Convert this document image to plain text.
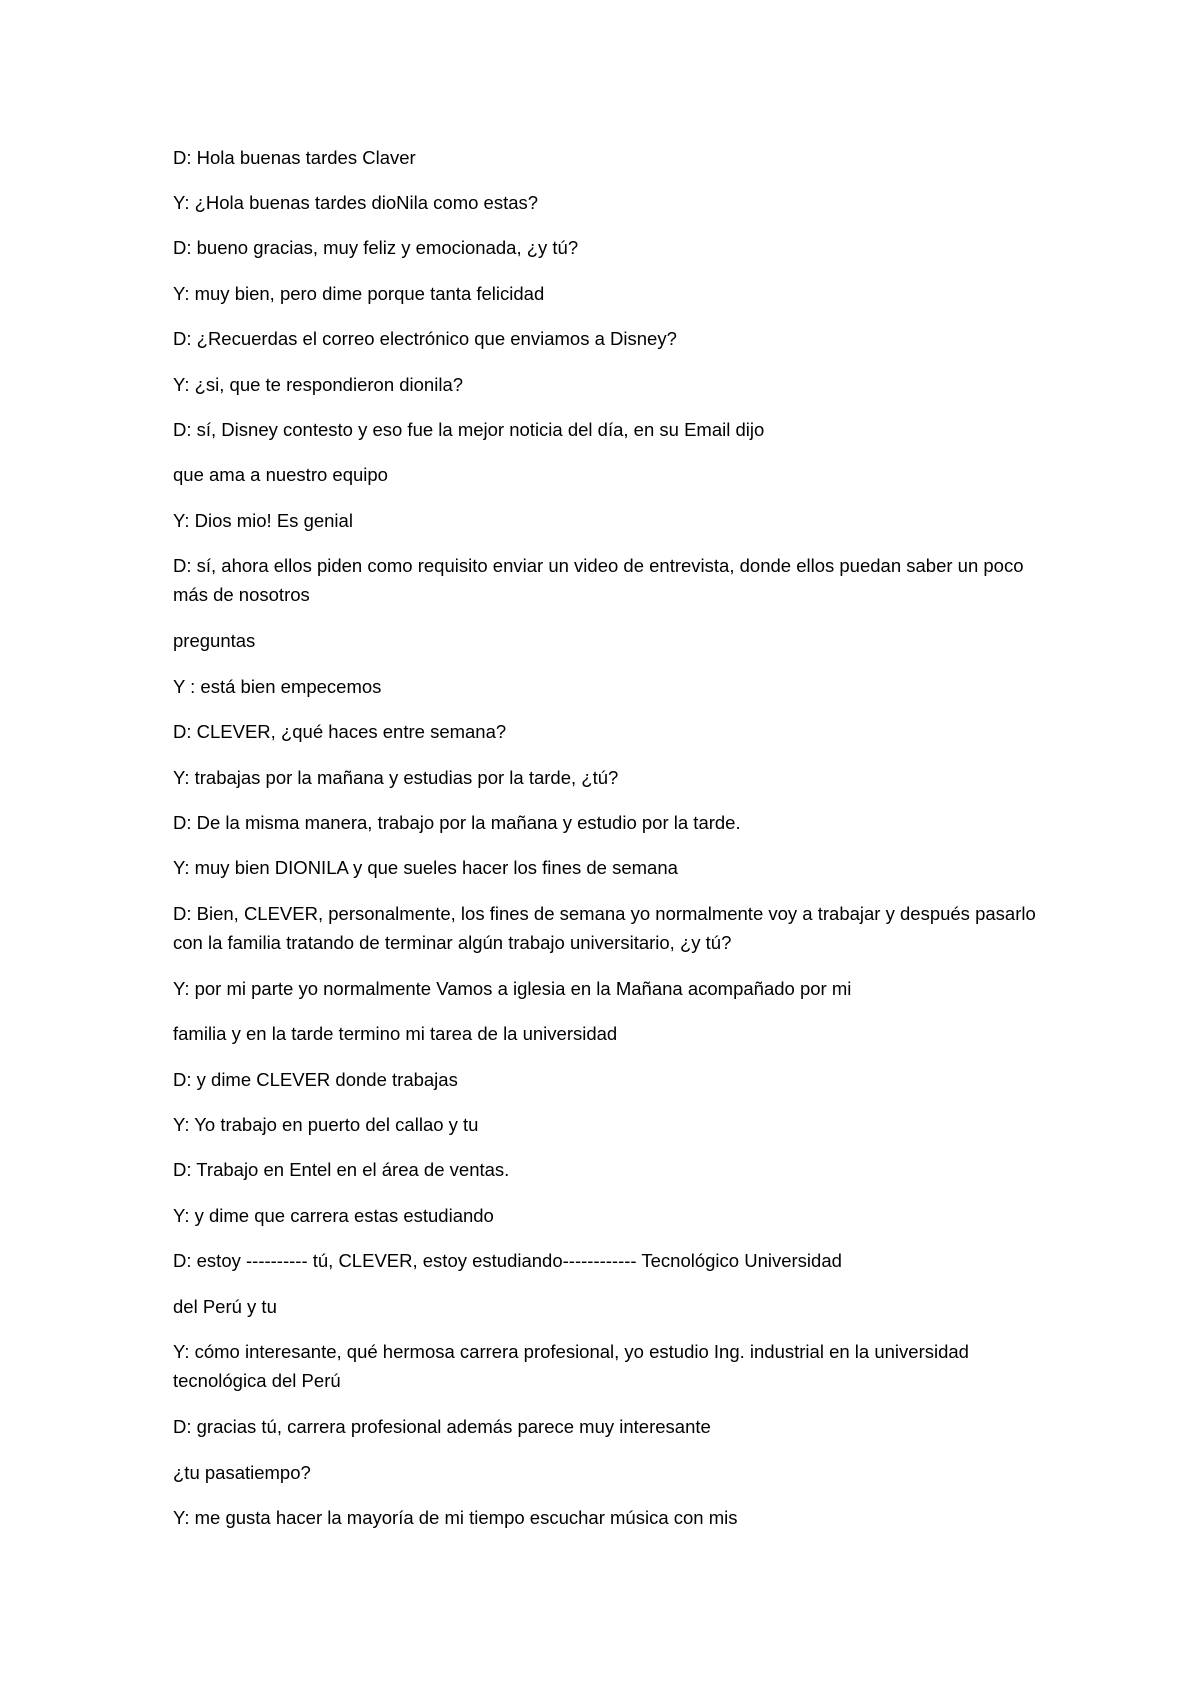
D: Hola buenas tardes Claver

Y: ¿Hola buenas tardes dioNila como estas?

D: bueno gracias, muy feliz y emocionada, ¿y tú?

Y: muy bien, pero dime porque tanta felicidad

D: ¿Recuerdas el correo electrónico que enviamos a Disney?

Y: ¿si, que te respondieron dionila?

D: sí, Disney contesto y eso fue la mejor noticia del día, en su Email dijo

que ama a nuestro equipo

Y: Dios mio! Es genial

D: sí, ahora ellos piden como requisito enviar un video de entrevista, donde ellos puedan saber un poco más de nosotros

preguntas

Y : está bien empecemos

D: CLEVER, ¿qué haces entre semana?

Y: trabajas por la mañana y estudias por la tarde, ¿tú?

D: De la misma manera, trabajo por la mañana y estudio por la tarde.

Y: muy bien DIONILA y que sueles hacer los fines de semana

D: Bien, CLEVER, personalmente, los fines de semana yo normalmente voy a trabajar y después pasarlo con la familia tratando de terminar algún trabajo universitario, ¿y tú?

Y: por mi parte yo normalmente Vamos a iglesia en la Mañana acompañado por mi

familia y en la tarde termino mi tarea de la universidad

D: y dime CLEVER donde trabajas

Y: Yo trabajo en puerto del callao y tu

D: Trabajo en Entel en el área de ventas.

Y: y dime que carrera estas estudiando

D: estoy ---------- tú, CLEVER, estoy estudiando------------ Tecnológico Universidad

del Perú y tu

Y: cómo interesante, qué hermosa carrera profesional, yo estudio Ing. industrial en la universidad tecnológica del Perú

D: gracias tú, carrera profesional además parece muy interesante

¿tu pasatiempo?

Y: me gusta hacer la mayoría de mi tiempo escuchar música con mis
